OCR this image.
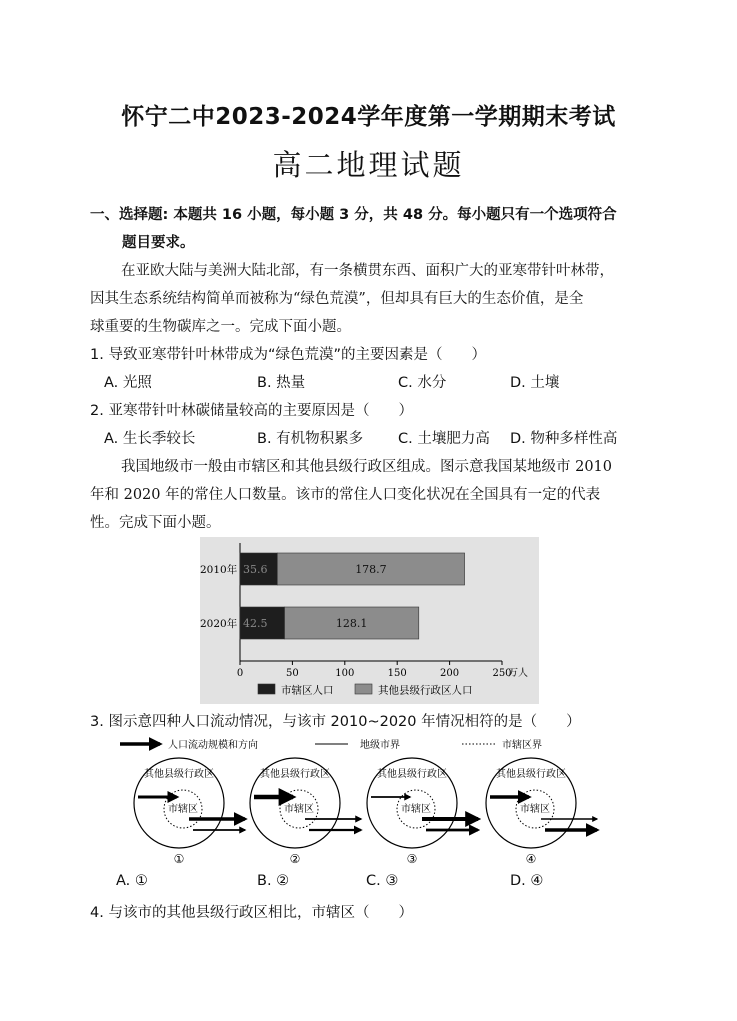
怀宁二中2023-2024学年度第一学期期末考试
高二地理试题
一、选择题: 本题共 16 小题，每小题 3 分，共 48 分。每小题只有一个选项符合
题目要求。
在亚欧大陆与美洲大陆北部，有一条横贯东西、面积广大的亚寒带针叶林带，
因其生态系统结构简单而被称为“绿色荒漠”，但却具有巨大的生态价值，是全
球重要的生物碳库之一。完成下面小题。
1. 导致亚寒带针叶林带成为“绿色荒漠”的主要因素是（　　）
A. 光照	B. 热量	C. 水分	D. 土壤
2. 亚寒带针叶林碳储量较高的主要原因是（　　）
A. 生长季较长	B. 有机物积累多 C. 土壤肥力高 D. 物种多样性高
我国地级市一般由市辖区和其他县级行政区组成。图示意我国某地级市 2010
年和 2020 年的常住人口数量。该市的常住人口变化状况在全国具有一定的代表
性。完成下面小题。
0	50	100	150	200	250
万人
2010年 35.6	178.7
2020年 42.5	128.1
市辖区人口	其他县级行政区人口
3. 图示意四种人口流动情况，与该市 2010~2020 年情况相符的是（　　）
人口流动规模和方向	地级市界	市辖区界
其他县级行政区
市辖区
①
其他县级行政区
市辖区
②
其他县级行政区
市辖区
③
其他县级行政区
市辖区
④
A. ①	B. ②	C. ③	D. ④
4. 与该市的其他县级行政区相比，市辖区（　　）
